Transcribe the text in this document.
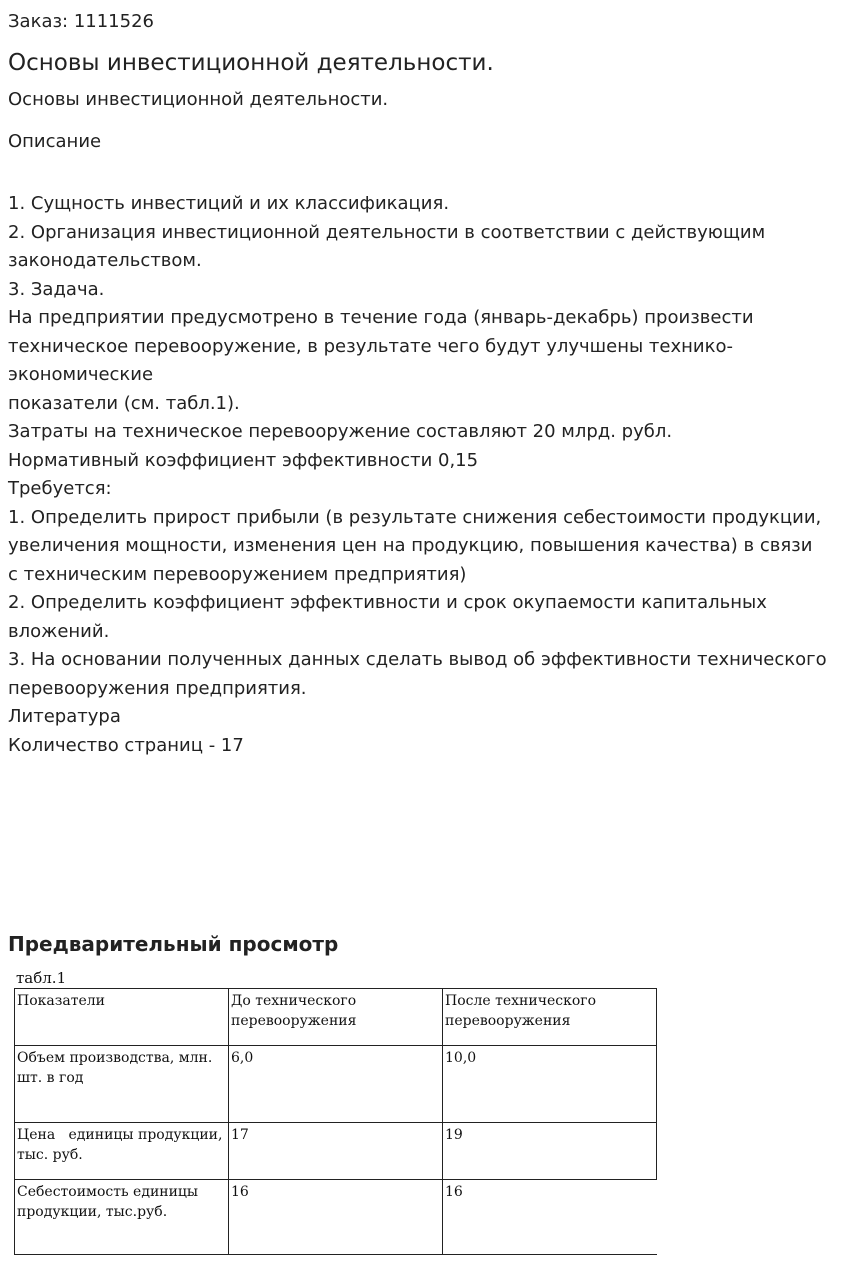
Заказ: 1111526

Основы инвестиционной деятельности.

Основы инвестиционной деятельности.

Описание

1. Сущность инвестиций и их классификация.
2. Организация инвестиционной деятельности в соответствии с действующим законодательством.
3. Задача.
На предприятии предусмотрено в течение года (январь-декабрь) произвести техническое перевооружение, в результате чего будут улучшены технико-экономические
показатели (см. табл.1).
Затраты на техническое перевооружение составляют 20 млрд. рубл.
Нормативный коэффициент эффективности 0,15
Требуется:
1. Определить прирост прибыли (в результате снижения себестоимости продукции, увеличения мощности, изменения цен на продукцию, повышения качества) в связи с техническим перевооружением предприятия)
2. Определить коэффициент эффективности и срок окупаемости капитальных вложений.
3. На основании полученных данных сделать вывод об эффективности технического перевооружения предприятия.
Литература
Количество страниц - 17
Предварительный просмотр
табл.1
Показатели	До технического перевооружения	После технического перевооружения
Объем производства, млн. шт. в год	6,0	10,0
Цена   единицы продукции, тыс. руб.	17	19
Себестоимость единицы продукции, тыс.руб.	16	16
